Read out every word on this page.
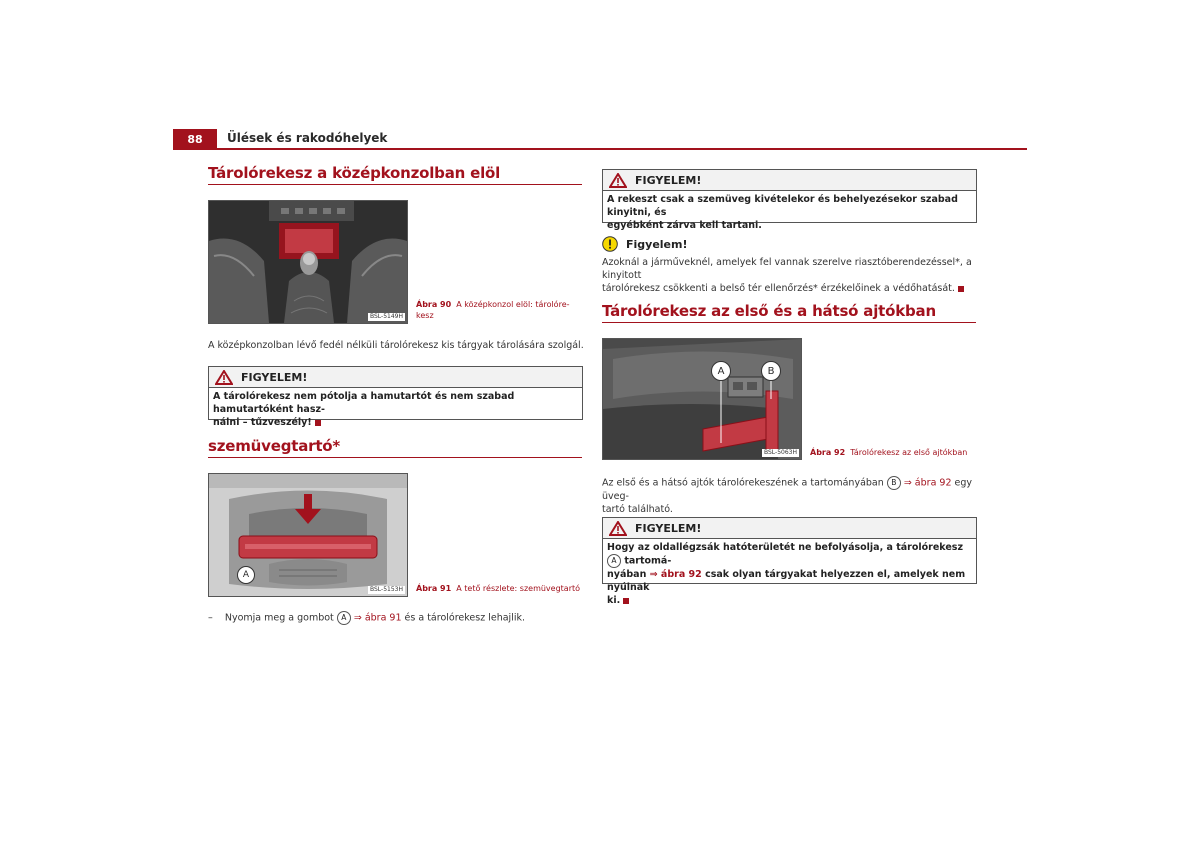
88	Ülések és rakodóhelyek
Tárolórekesz a középkonzolban elöl
BSL-5149H
Ábra 90 A középkonzol elöl: tárolóre-
kesz
A középkonzolban lévő fedél nélküli tárolórekesz kis tárgyak tárolására szolgál.
FIGYELEM!
A tárolórekesz nem pótolja a hamutartót és nem szabad hamutartóként hasz-
nálni – tűzveszély!
szemüvegtartó*
A
BSL-5153H Ábra 91 A tető részlete: szemüvegtartó
– Nyomja meg a gombot A ⇒ ábra 91 és a tárolórekesz lehajlik.
FIGYELEM!
A rekeszt csak a szemüveg kivételekor és behelyezésekor szabad kinyitni, és
egyébként zárva kell tartani.
Figyelem!
Azoknál a járműveknél, amelyek fel vannak szerelve riasztóberendezéssel*, a kinyitott
tárolórekesz csökkenti a belső tér ellenőrzés* érzékelőinek a védőhatását.
Tárolórekesz az első és a hátsó ajtókban
A	B
BSL-5063H Ábra 92 Tárolórekesz az első ajtókban
Az első és a hátsó ajtók tárolórekeszének a tartományában B ⇒ ábra 92 egy üveg-
tartó található.
FIGYELEM!
Hogy az oldallégzsák hatóterületét ne befolyásolja, a tárolórekesz A tartomá-
nyában ⇒ ábra 92 csak olyan tárgyakat helyezzen el, amelyek nem nyúlnak
ki.
